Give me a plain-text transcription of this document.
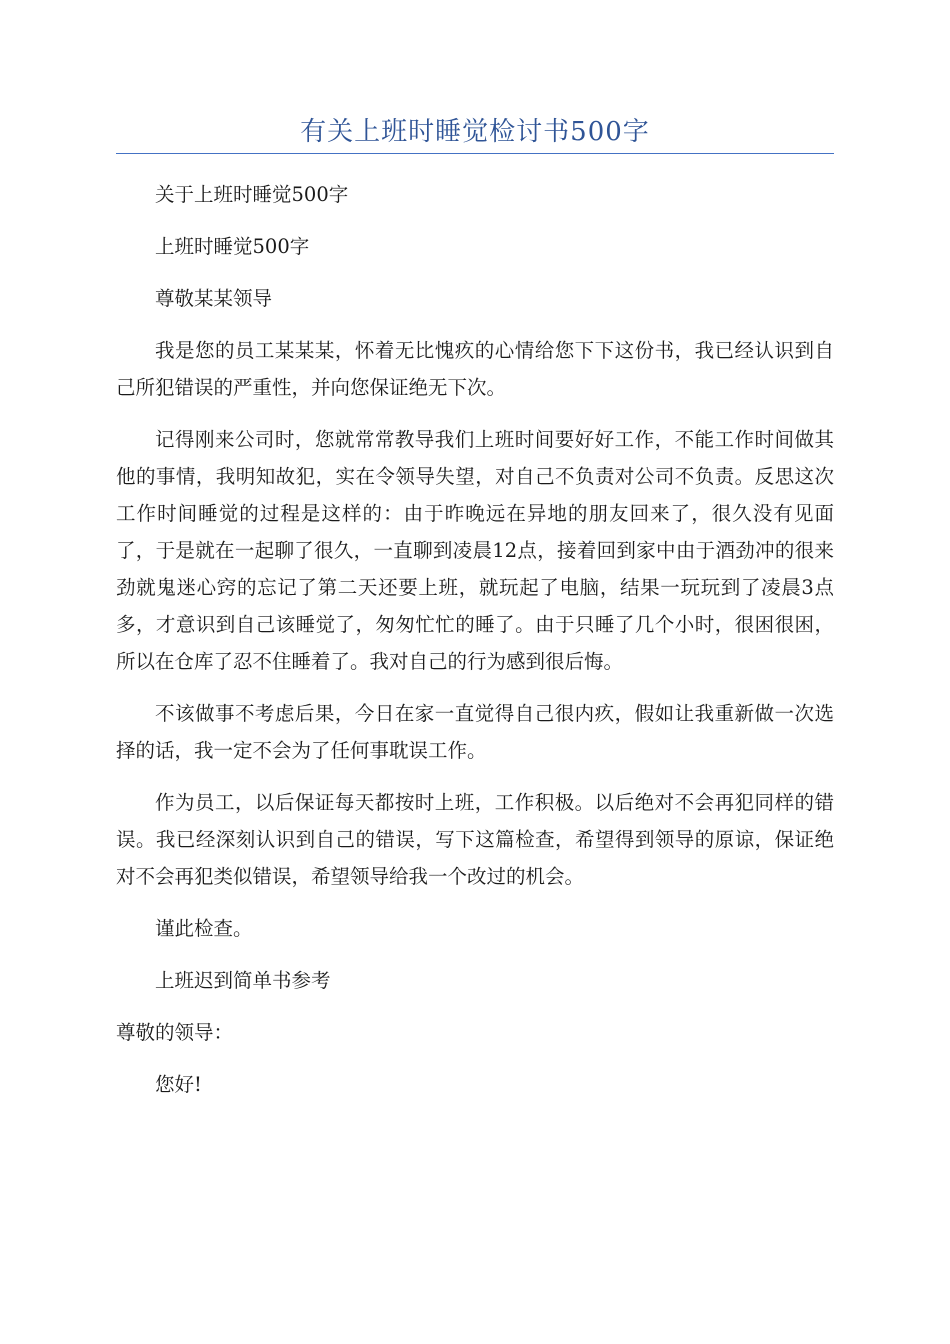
有关上班时睡觉检讨书500字

关于上班时睡觉500字

上班时睡觉500字

尊敬某某领导

我是您的员工某某某，怀着无比愧疚的心情给您下下这份书，我已经认识到自己所犯错误的严重性，并向您保证绝无下次。

记得刚来公司时，您就常常教导我们上班时间要好好工作，不能工作时间做其他的事情，我明知故犯，实在令领导失望，对自己不负责对公司不负责。反思这次工作时间睡觉的过程是这样的：由于昨晚远在异地的朋友回来了，很久没有见面了，于是就在一起聊了很久，一直聊到凌晨12点，接着回到家中由于酒劲冲的很来劲就鬼迷心窍的忘记了第二天还要上班，就玩起了电脑，结果一玩玩到了凌晨3点多，才意识到自己该睡觉了，匆匆忙忙的睡了。由于只睡了几个小时，很困很困，所以在仓库了忍不住睡着了。我对自己的行为感到很后悔。

不该做事不考虑后果，今日在家一直觉得自己很内疚，假如让我重新做一次选择的话，我一定不会为了任何事耽误工作。

作为员工，以后保证每天都按时上班，工作积极。以后绝对不会再犯同样的错误。我已经深刻认识到自己的错误，写下这篇检查，希望得到领导的原谅，保证绝对不会再犯类似错误，希望领导给我一个改过的机会。

谨此检查。

上班迟到简单书参考

尊敬的领导：

您好!
